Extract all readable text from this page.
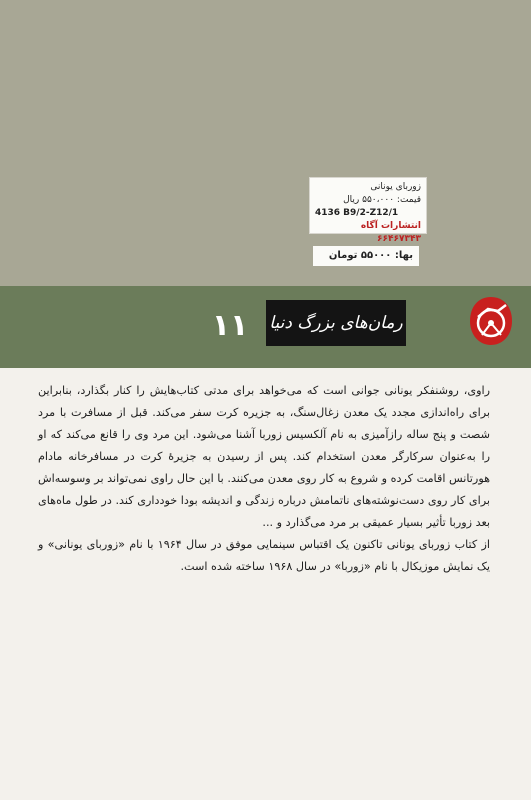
زوربای یونانی
قیمت: ۵۵۰،۰۰۰ ریال
4136 B9/2-Z12/1
انتشارات آگاه ۶۶۴۶۷۳۴۳
بها: ۵۵۰۰۰ تومان
رمان‌های بزرگ دنیا
۱۱

راوی، روشنفکر یونانی جوانی است که می‌خواهد برای مدتی کتاب‌هایش را کنار بگذارد، بنابراین برای راه‌اندازی مجدد یک معدن زغال‌سنگ، به جزیره کرت سفر می‌کند. قبل از مسافرت با مرد شصت و پنج ساله رازآمیزی به نام آلکسیس زوربا آشنا می‌شود. این مرد وی را قانع می‌کند که او را به‌عنوان سرکارگر معدن استخدام کند. پس از رسیدن به جزیرهٔ کرت در مسافرخانه مادام هورتانس اقامت کرده و شروع به کار روی معدن می‌کنند. با این حال راوی نمی‌تواند بر وسوسه‌اش برای کار روی دست‌نوشته‌های ناتمامش درباره زندگی و اندیشه بودا خودداری کند. در طول ماه‌های بعد زوربا تأثیر بسیار عمیقی بر مرد می‌گذارد و ...

از کتاب زوربای یونانی تاکنون یک اقتباس سینمایی موفق در سال ۱۹۶۴ با نام «زوربای یونانی» و یک نمایش موزیکال با نام «زوربا» در سال ۱۹۶۸ ساخته شده است.
